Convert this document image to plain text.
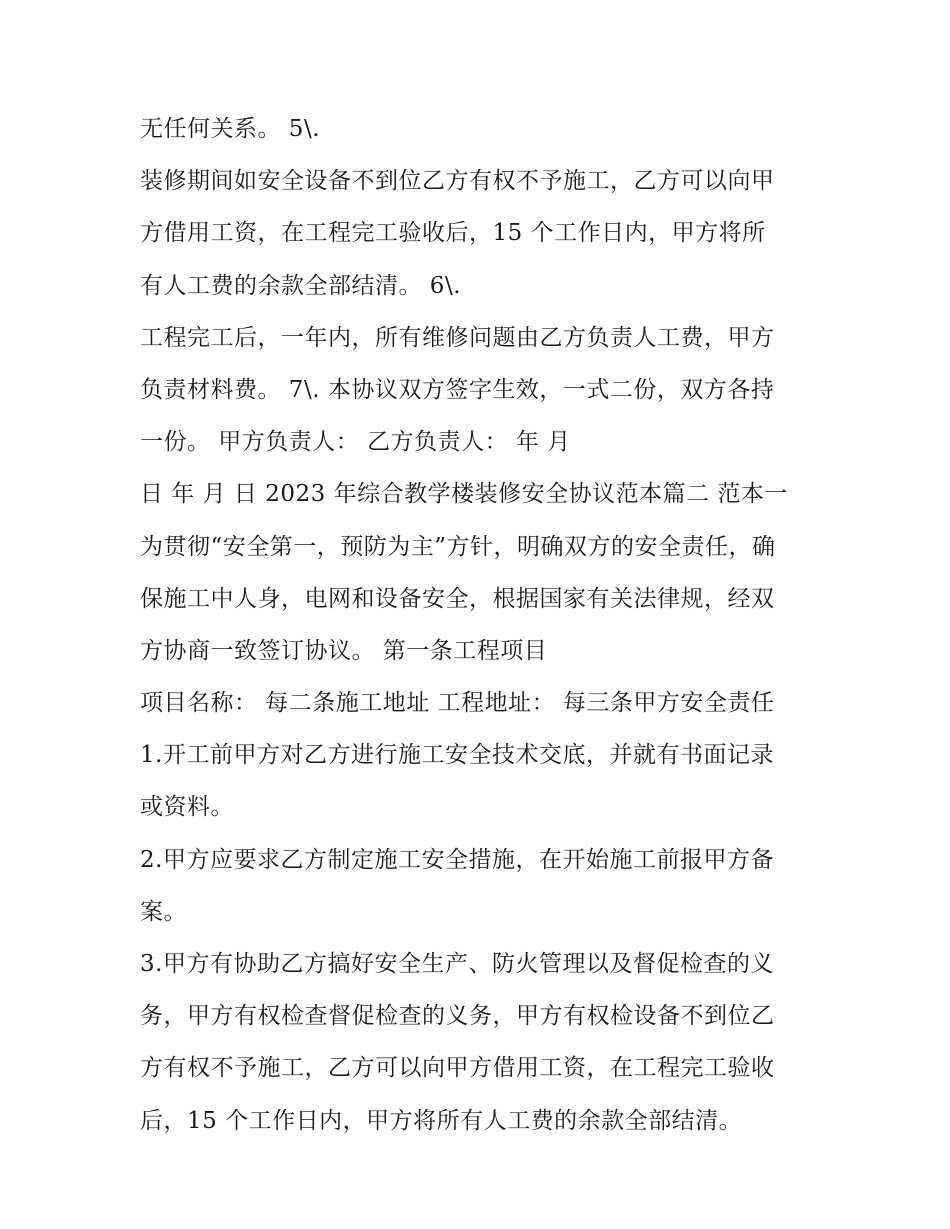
无任何关系。 5\.
装修期间如安全设备不到位乙方有权不予施工，乙方可以向甲
方借用工资，在工程完工验收后，15 个工作日内，甲方将所
有人工费的余款全部结清。 6\.
工程完工后，一年内，所有维修问题由乙方负责人工费，甲方
负责材料费。 7\. 本协议双方签字生效，一式二份，双方各持
一份。 甲方负责人： 乙方负责人： 年 月
日 年 月 日 2023 年综合教学楼装修安全协议范本篇二 范本一
为贯彻“安全第一，预防为主”方针，明确双方的安全责任，确
保施工中人身，电网和设备安全，根据国家有关法律规，经双
方协商一致签订协议。 第一条工程项目
项目名称： 每二条施工地址 工程地址： 每三条甲方安全责任
1.开工前甲方对乙方进行施工安全技术交底，并就有书面记录
或资料。
2.甲方应要求乙方制定施工安全措施，在开始施工前报甲方备
案。
3.甲方有协助乙方搞好安全生产、防火管理以及督促检查的义
务，甲方有权检查督促检查的义务，甲方有权检设备不到位乙
方有权不予施工，乙方可以向甲方借用工资，在工程完工验收
后，15 个工作日内，甲方将所有人工费的余款全部结清。
